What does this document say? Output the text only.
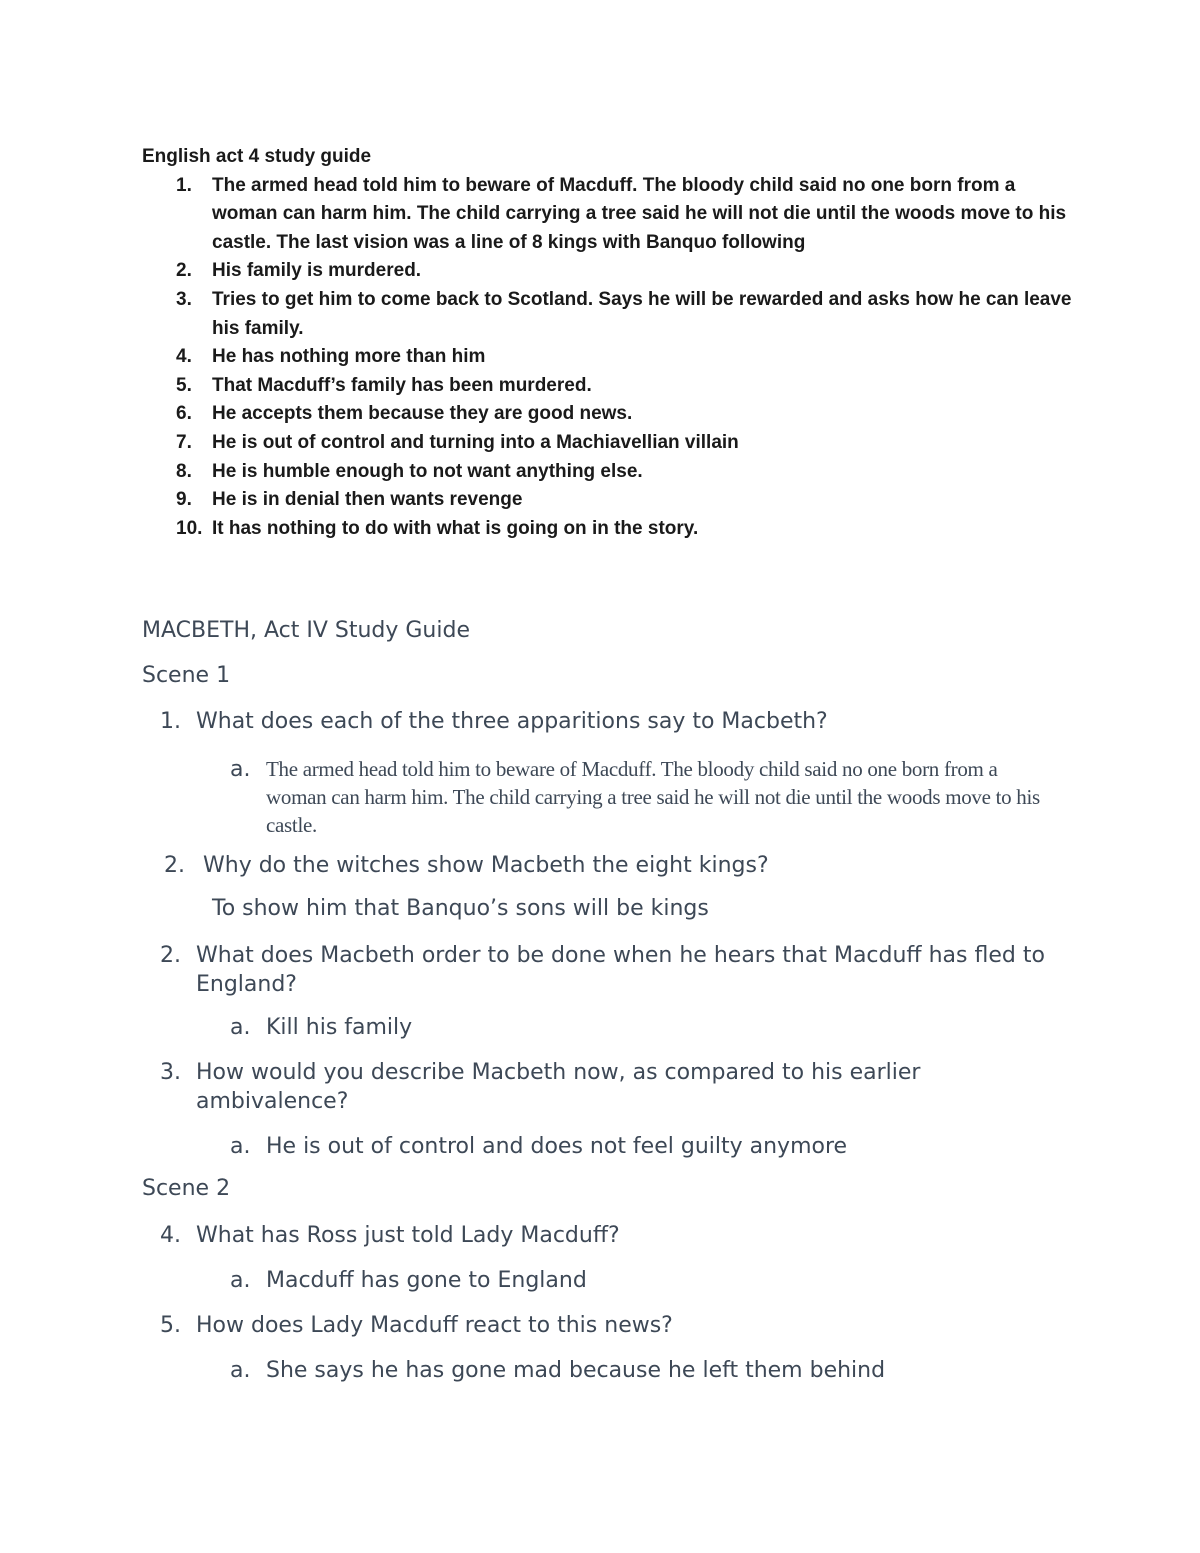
English act 4 study guide
1. The armed head told him to beware of Macduff. The bloody child said no one born from a woman can harm him. The child carrying a tree said he will not die until the woods move to his castle. The last vision was a line of 8 kings with Banquo following
2. His family is murdered.
3. Tries to get him to come back to Scotland. Says he will be rewarded and asks how he can leave his family.
4. He has nothing more than him
5. That Macduff’s family has been murdered.
6. He accepts them because they are good news.
7. He is out of control and turning into a Machiavellian villain
8. He is humble enough to not want anything else.
9. He is in denial then wants revenge
10. It has nothing to do with what is going on in the story.
MACBETH, Act IV Study Guide
Scene 1
1. What does each of the three apparitions say to Macbeth?
a. The armed head told him to beware of Macduff. The bloody child said no one born from a woman can harm him. The child carrying a tree said he will not die until the woods move to his castle.
2. Why do the witches show Macbeth the eight kings?
To show him that Banquo’s sons will be kings
2. What does Macbeth order to be done when he hears that Macduff has fled to England?
a. Kill his family
3. How would you describe Macbeth now, as compared to his earlier ambivalence?
a. He is out of control and does not feel guilty anymore
Scene 2
4. What has Ross just told Lady Macduff?
a. Macduff has gone to England
5. How does Lady Macduff react to this news?
a. She says he has gone mad because he left them behind
